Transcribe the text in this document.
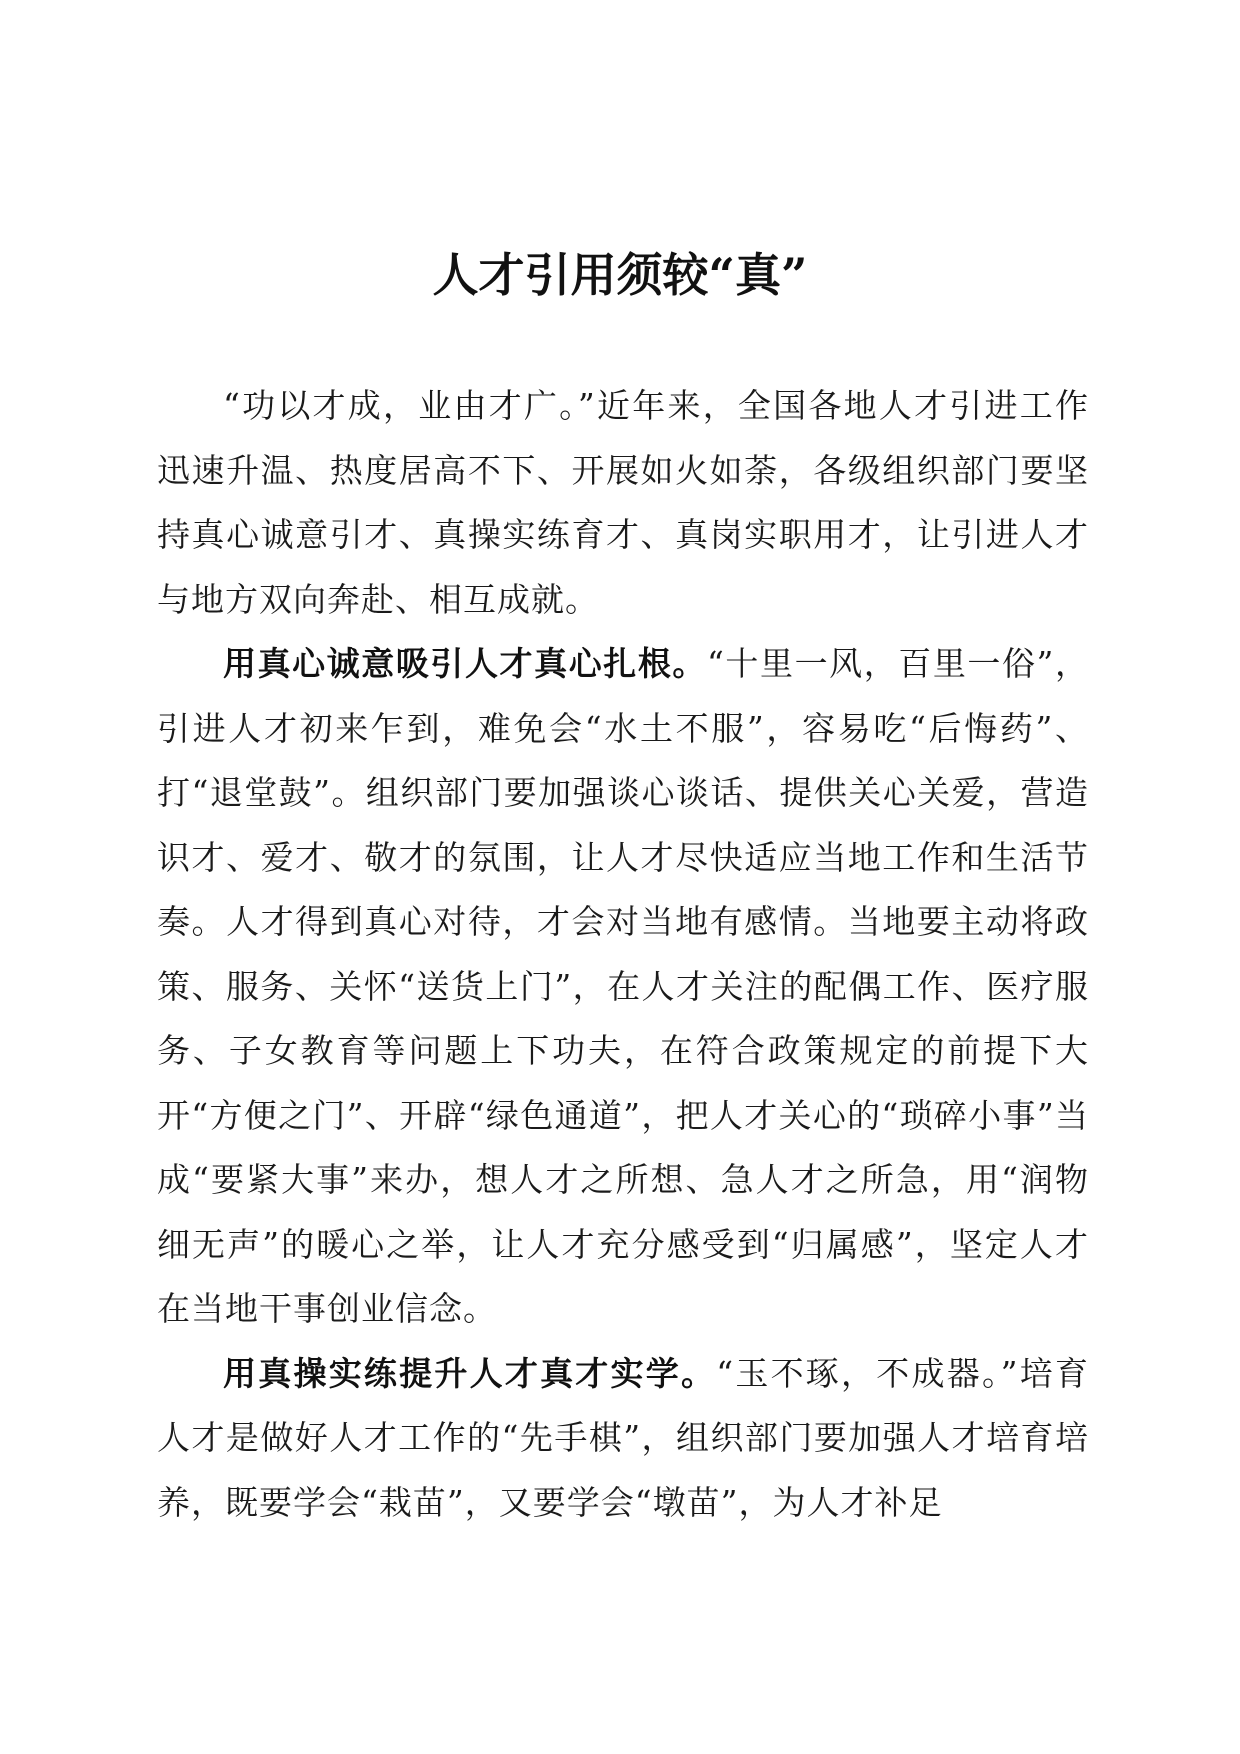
人才引用须较“真”

“功以才成，业由才广。”近年来，全国各地人才引进工作迅速升温、热度居高不下、开展如火如荼，各级组织部门要坚持真心诚意引才、真操实练育才、真岗实职用才，让引进人才与地方双向奔赴、相互成就。

用真心诚意吸引人才真心扎根。“十里一风，百里一俗”，引进人才初来乍到，难免会“水土不服”，容易吃“后悔药”、打“退堂鼓”。组织部门要加强谈心谈话、提供关心关爱，营造识才、爱才、敬才的氛围，让人才尽快适应当地工作和生活节奏。人才得到真心对待，才会对当地有感情。当地要主动将政策、服务、关怀“送货上门”，在人才关注的配偶工作、医疗服务、子女教育等问题上下功夫，在符合政策规定的前提下大开“方便之门”、开辟“绿色通道”，把人才关心的“琐碎小事”当成“要紧大事”来办，想人才之所想、急人才之所急，用“润物细无声”的暖心之举，让人才充分感受到“归属感”，坚定人才在当地干事创业信念。

用真操实练提升人才真才实学。“玉不琢，不成器。”培育人才是做好人才工作的“先手棋”，组织部门要加强人才培育培养，既要学会“栽苗”，又要学会“墩苗”，为人才补足
